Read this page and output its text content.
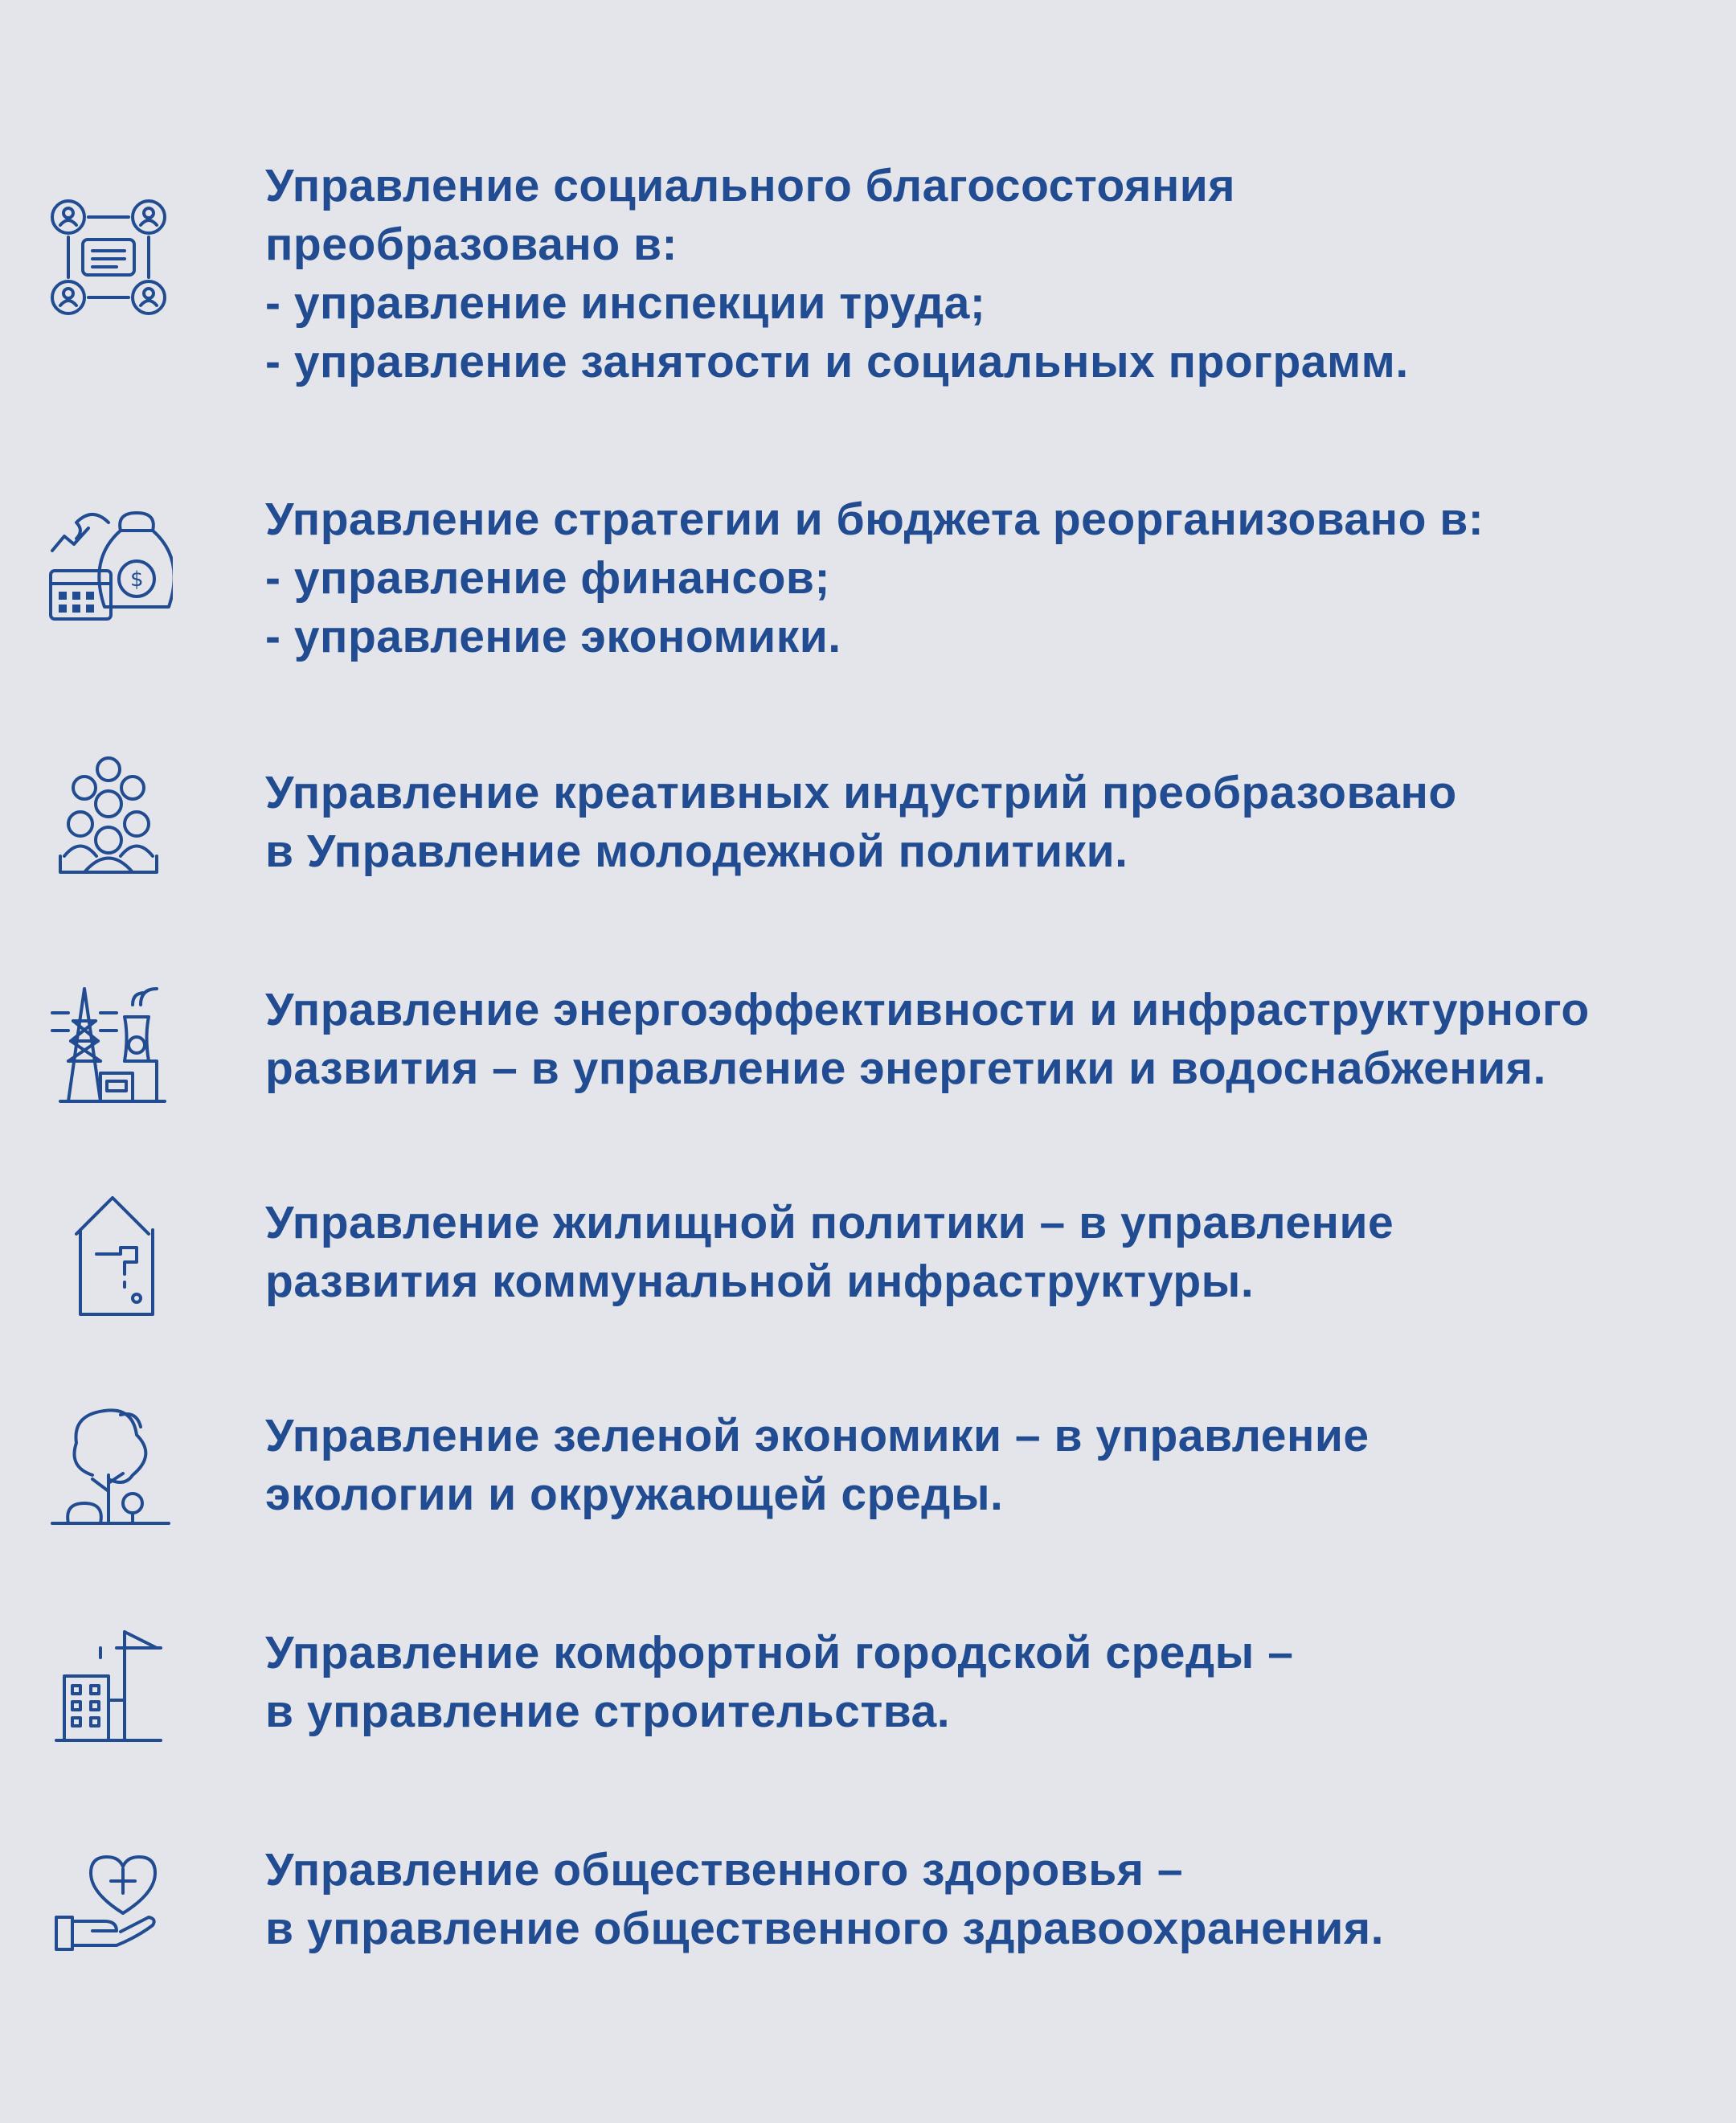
Управление социального благосостояния
преобразовано в:
- управление инспекции труда;
- управление занятости и социальных программ.
$
Управление стратегии и бюджета реорганизовано в:
- управление финансов;
- управление экономики.
Управление креативных индустрий преобразовано
в Управление молодежной политики.
Управление энергоэффективности и инфраструктурного
развития – в управление энергетики и водоснабжения.
Управление жилищной политики – в управление
развития коммунальной инфраструктуры.
Управление зеленой экономики – в управление
экологии и окружающей среды.
Управление комфортной городской среды –
в управление строительства.
Управление общественного здоровья –
в управление общественного здравоохранения.
